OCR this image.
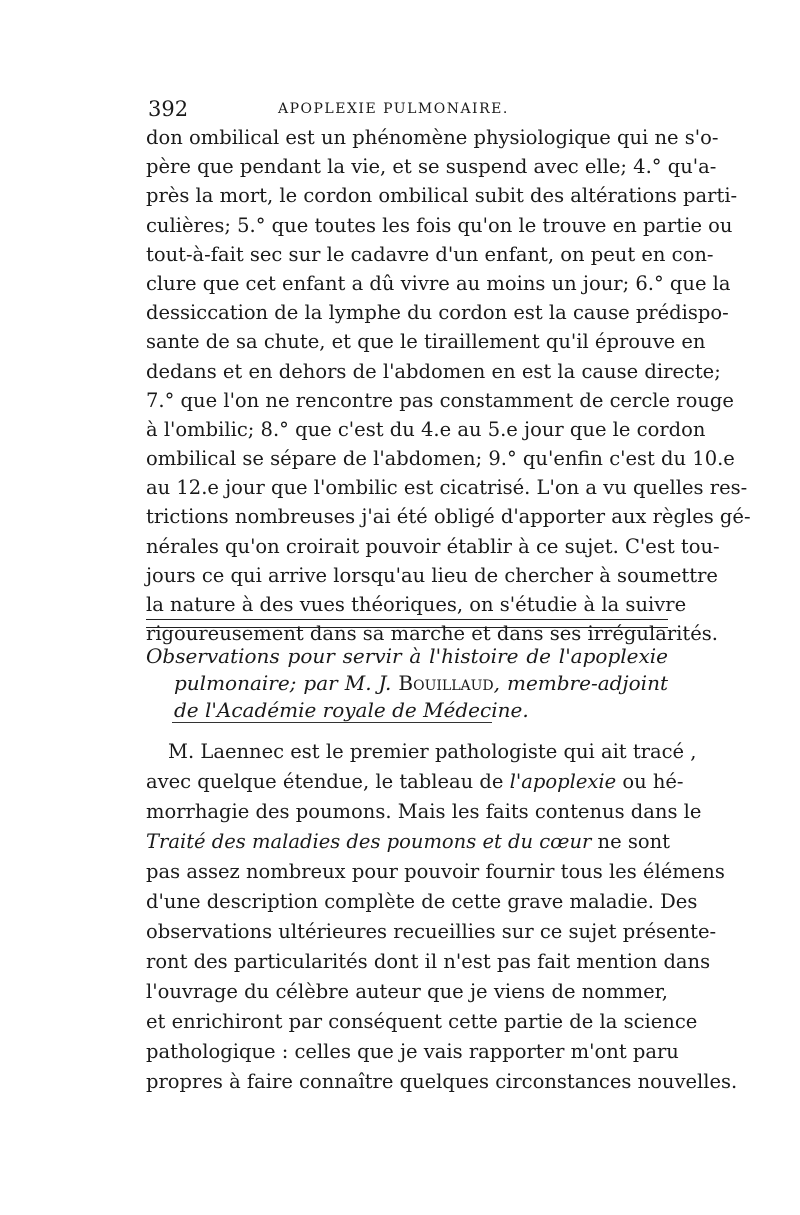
392	APOPLEXIE PULMONAIRE.
don ombilical est un phénomène physiologique qui ne s'o-
père que pendant la vie, et se suspend avec elle; 4.° qu'a-
près la mort, le cordon ombilical subit des altérations parti-
culières; 5.° que toutes les fois qu'on le trouve en partie ou
tout-à-fait sec sur le cadavre d'un enfant, on peut en con-
clure que cet enfant a dû vivre au moins un jour; 6.° que la
dessiccation de la lymphe du cordon est la cause prédispo-
sante de sa chute, et que le tiraillement qu'il éprouve en
dedans et en dehors de l'abdomen en est la cause directe;
7.° que l'on ne rencontre pas constamment de cercle rouge
à l'ombilic; 8.° que c'est du 4.e au 5.e jour que le cordon
ombilical se sépare de l'abdomen; 9.° qu'enfin c'est du 10.e
au 12.e jour que l'ombilic est cicatrisé. L'on a vu quelles res-
trictions nombreuses j'ai été obligé d'apporter aux règles gé-
nérales qu'on croirait pouvoir établir à ce sujet. C'est tou-
jours ce qui arrive lorsqu'au lieu de chercher à soumettre
la nature à des vues théoriques, on s'étudie à la suivre
rigoureusement dans sa marche et dans ses irrégularités.
Observations pour servir à l'histoire de l'apoplexie
pulmonaire; par M. J. Bouillaud, membre-adjoint
de l'Académie royale de Médecine.
M. Laennec est le premier pathologiste qui ait tracé ,
avec quelque étendue, le tableau de l'apoplexie ou hé-
morrhagie des poumons. Mais les faits contenus dans le
Traité des maladies des poumons et du cœur ne sont
pas assez nombreux pour pouvoir fournir tous les élémens
d'une description complète de cette grave maladie. Des
observations ultérieures recueillies sur ce sujet présente-
ront des particularités dont il n'est pas fait mention dans
l'ouvrage du célèbre auteur que je viens de nommer,
et enrichiront par conséquent cette partie de la science
pathologique : celles que je vais rapporter m'ont paru
propres à faire connaître quelques circonstances nouvelles.
